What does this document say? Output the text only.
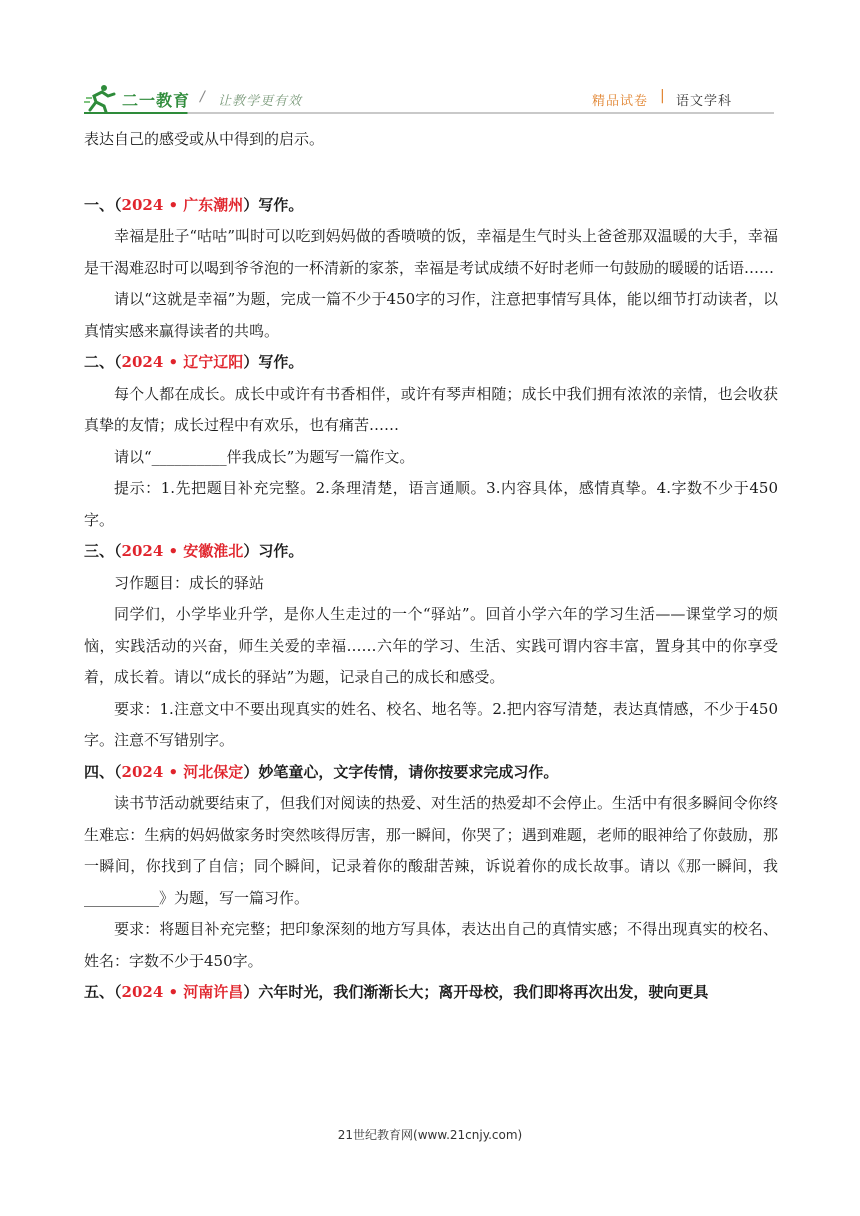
二一教育 / 让教学更有效	精品试卷 | 语文学科

表达自己的感受或从中得到的启示。

一、（2024 • 广东潮州）写作。

幸福是肚子“咕咕”叫时可以吃到妈妈做的香喷喷的饭，幸福是生气时头上爸爸那双温暖的大手，幸福是干渴难忍时可以喝到爷爷泡的一杯清新的家茶，幸福是考试成绩不好时老师一句鼓励的暖暖的话语……

请以“这就是幸福”为题，完成一篇不少于450字的习作，注意把事情写具体，能以细节打动读者，以真情实感来赢得读者的共鸣。

二、（2024 • 辽宁辽阳）写作。

每个人都在成长。成长中或许有书香相伴，或许有琴声相随；成长中我们拥有浓浓的亲情，也会收获真挚的友情；成长过程中有欢乐，也有痛苦……

请以“__________伴我成长”为题写一篇作文。

提示：1.先把题目补充完整。2.条理清楚，语言通顺。3.内容具体，感情真挚。4.字数不少于450字。

三、（2024 • 安徽淮北）习作。

习作题目：成长的驿站

同学们，小学毕业升学，是你人生走过的一个“驿站”。回首小学六年的学习生活——课堂学习的烦恼，实践活动的兴奋，师生关爱的幸福……六年的学习、生活、实践可谓内容丰富，置身其中的你享受着，成长着。请以“成长的驿站”为题，记录自己的成长和感受。

要求：1.注意文中不要出现真实的姓名、校名、地名等。2.把内容写清楚，表达真情感，不少于450字。注意不写错别字。

四、（2024 • 河北保定）妙笔童心，文字传情，请你按要求完成习作。

读书节活动就要结束了，但我们对阅读的热爱、对生活的热爱却不会停止。生活中有很多瞬间令你终生难忘：生病的妈妈做家务时突然咳得厉害，那一瞬间，你哭了；遇到难题，老师的眼神给了你鼓励，那一瞬间，你找到了自信；同个瞬间，记录着你的酸甜苦辣，诉说着你的成长故事。请以《那一瞬间，我__________》为题，写一篇习作。

要求：将题目补充完整；把印象深刻的地方写具体，表达出自己的真情实感；不得出现真实的校名、姓名：字数不少于450字。

五、（2024 • 河南许昌）六年时光，我们渐渐长大；离开母校，我们即将再次出发，驶向更具
21世纪教育网(www.21cnjy.com)
